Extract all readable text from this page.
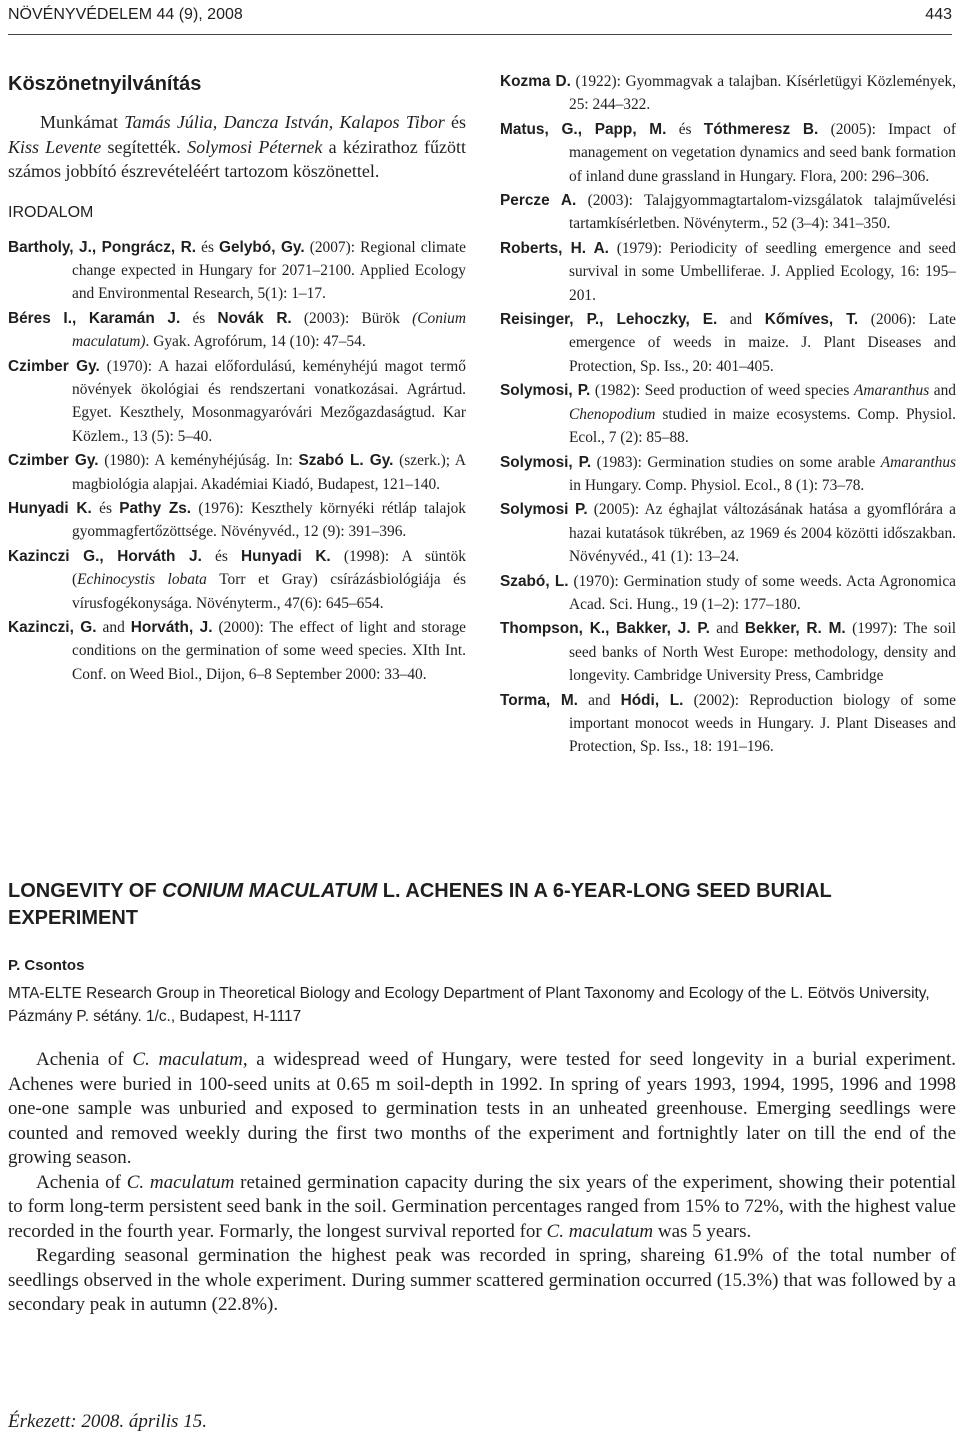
NÖVÉNYVÉDELEM 44 (9), 2008	443
Köszönetnyilvánítás

Munkámat Tamás Júlia, Dancza István, Kalapos Tibor és Kiss Levente segítették. Solymosi Péternek a kézirathoz fűzött számos jobbító észrevételéért tartozom köszönettel.

IRODALOM

Bartholy, J., Pongrácz, R. és Gelybó, Gy. (2007): Regional climate change expected in Hungary for 2071–2100. Applied Ecology and Environmental Research, 5(1): 1–17.

Béres I., Karamán J. és Novák R. (2003): Bürök (Conium maculatum). Gyak. Agrofórum, 14 (10): 47–54.

Czimber Gy. (1970): A hazai előfordulású, keményhéjú magot termő növények ökológiai és rendszertani vonatkozásai. Agrártud. Egyet. Keszthely, Mosonmagyaróvári Mezőgazdaságtud. Kar Közlem., 13 (5): 5–40.

Czimber Gy. (1980): A keményhéjúság. In: Szabó L. Gy. (szerk.); A magbiológia alapjai. Akadémiai Kiadó, Budapest, 121–140.

Hunyadi K. és Pathy Zs. (1976): Keszthely környéki rétláp talajok gyommagfertőzöttsége. Növényvéd., 12 (9): 391–396.

Kazinczi G., Horváth J. és Hunyadi K. (1998): A süntök (Echinocystis lobata Torr et Gray) csírázásbiológiája és vírusfogékonysága. Növényterm., 47(6): 645–654.

Kazinczi, G. and Horváth, J. (2000): The effect of light and storage conditions on the germination of some weed species. XIth Int. Conf. on Weed Biol., Dijon, 6–8 September 2000: 33–40.

Kozma D. (1922): Gyommagvak a talajban. Kísérletügyi Közlemények, 25: 244–322.

Matus, G., Papp, M. és Tóthmeresz B. (2005): Impact of management on vegetation dynamics and seed bank formation of inland dune grassland in Hungary. Flora, 200: 296–306.

Percze A. (2003): Talajgyommagtartalom-vizsgálatok talajművelési tartamkísérletben. Növényterm., 52 (3–4): 341–350.

Roberts, H. A. (1979): Periodicity of seedling emergence and seed survival in some Umbelliferae. J. Applied Ecology, 16: 195–201.

Reisinger, P., Lehoczky, E. and Kőmíves, T. (2006): Late emergence of weeds in maize. J. Plant Diseases and Protection, Sp. Iss., 20: 401–405.

Solymosi, P. (1982): Seed production of weed species Amaranthus and Chenopodium studied in maize ecosystems. Comp. Physiol. Ecol., 7 (2): 85–88.

Solymosi, P. (1983): Germination studies on some arable Amaranthus in Hungary. Comp. Physiol. Ecol., 8 (1): 73–78.

Solymosi P. (2005): Az éghajlat változásának hatása a gyomflórára a hazai kutatások tükrében, az 1969 és 2004 közötti időszakban. Növényvéd., 41 (1): 13–24.

Szabó, L. (1970): Germination study of some weeds. Acta Agronomica Acad. Sci. Hung., 19 (1–2): 177–180.

Thompson, K., Bakker, J. P. and Bekker, R. M. (1997): The soil seed banks of North West Europe: methodology, density and longevity. Cambridge University Press, Cambridge

Torma, M. and Hódi, L. (2002): Reproduction biology of some important monocot weeds in Hungary. J. Plant Diseases and Protection, Sp. Iss., 18: 191–196.

LONGEVITY OF CONIUM MACULATUM L. ACHENES IN A 6-YEAR-LONG SEED BURIAL EXPERIMENT

P. Csontos

MTA-ELTE Research Group in Theoretical Biology and Ecology Department of Plant Taxonomy and Ecology of the L. Eötvös University, Pázmány P. sétány. 1/c., Budapest, H-1117

Achenia of C. maculatum, a widespread weed of Hungary, were tested for seed longevity in a burial experiment. Achenes were buried in 100-seed units at 0.65 m soil-depth in 1992. In spring of years 1993, 1994, 1995, 1996 and 1998 one-one sample was unburied and exposed to germination tests in an unheated greenhouse. Emerging seedlings were counted and removed weekly during the first two months of the experiment and fortnightly later on till the end of the growing season.

Achenia of C. maculatum retained germination capacity during the six years of the experiment, showing their potential to form long-term persistent seed bank in the soil. Germination percentages ranged from 15% to 72%, with the highest value recorded in the fourth year. Formarly, the longest survival reported for C. maculatum was 5 years.

Regarding seasonal germination the highest peak was recorded in spring, shareing 61.9% of the total number of seedlings observed in the whole experiment. During summer scattered germination occurred (15.3%) that was followed by a secondary peak in autumn (22.8%).

Érkezett: 2008. április 15.
